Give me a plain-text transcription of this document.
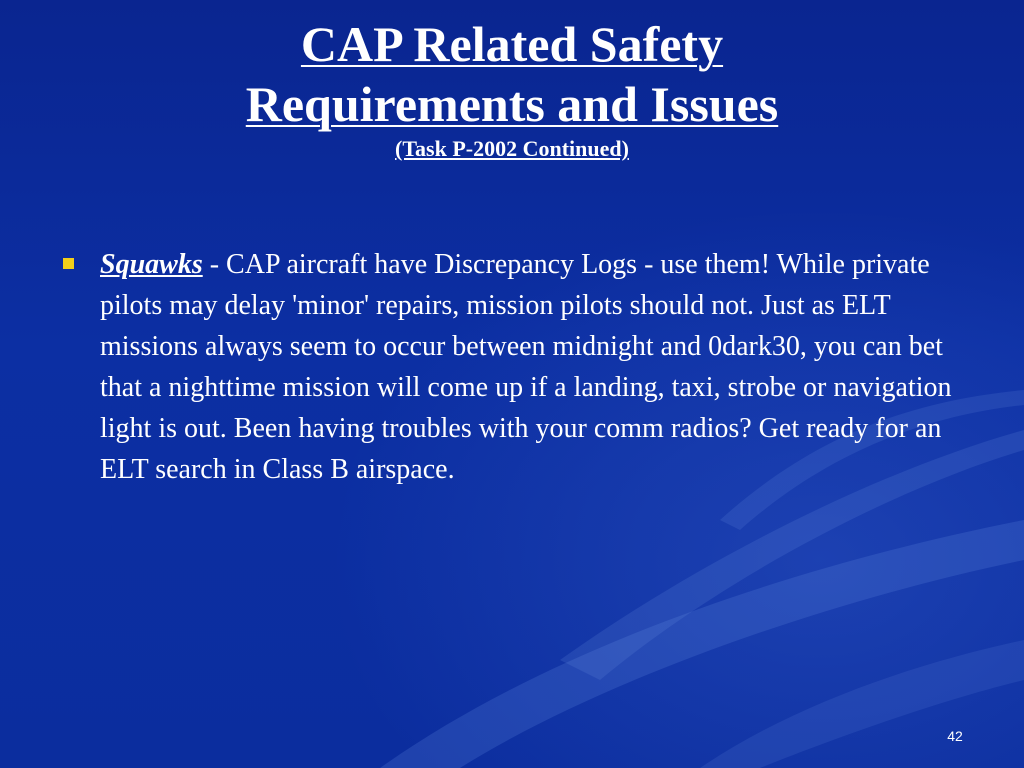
CAP Related Safety
Requirements and Issues
(Task P-2002 Continued)
Squawks - CAP aircraft have Discrepancy Logs - use them! While private pilots may delay 'minor' repairs, mission pilots should not. Just as ELT missions always seem to occur between midnight and 0dark30, you can bet that a nighttime mission will come up if a landing, taxi, strobe or navigation light is out. Been having troubles with your comm radios? Get ready for an ELT search in Class B airspace.
42
